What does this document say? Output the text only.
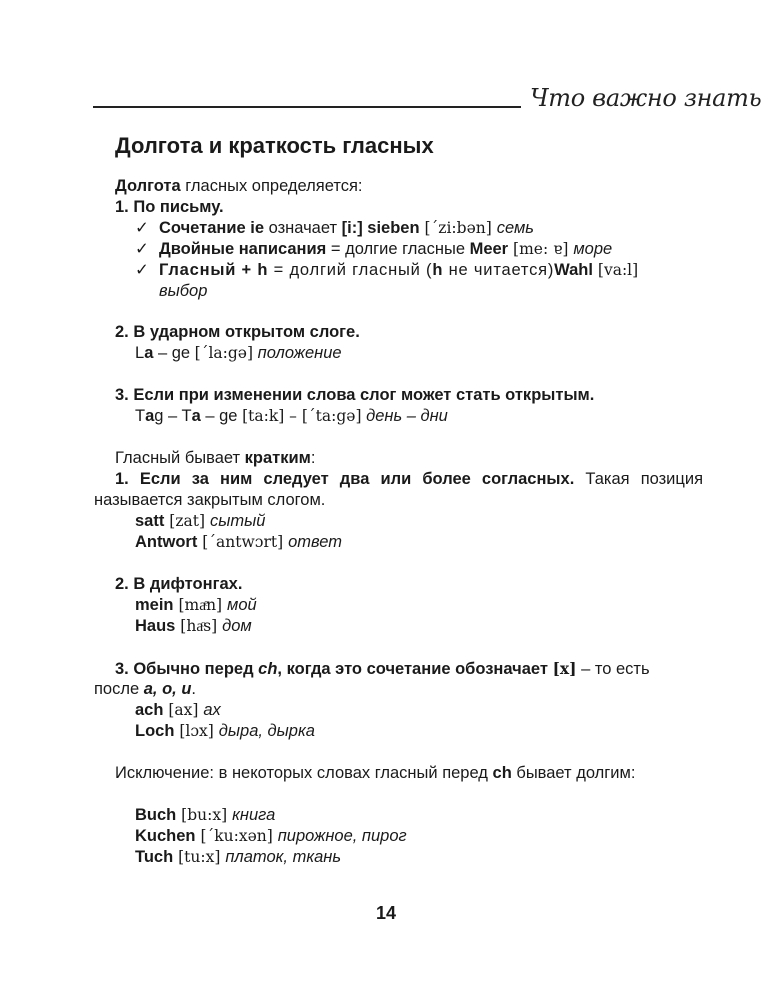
Что важно знать
Долгота и краткость гласных
Долгота гласных определяется:
1. По письму.
✓ Сочетание ie означает [i:] sieben [ˊzi:bən] семь
✓ Двойные написания = долгие гласные Meer [me: ɐ] море
✓ Гласный + h = долгий гласный (h не читается)Wahl [va:l]
выбор
2. В ударном открытом слоге.
La – ge [ˊla:gə] положение
3. Если при изменении слова слог может стать открытым.
Tag – Ta – ge [ta:k] – [ˊta:gə] день – дни
Гласный бывает кратким:
1. Если за ним следует два или более согласных. Такая позиция называется закрытым слогом.
satt [zat] сытый
Antwort [ˊantwɔrt] ответ
2. В дифтонгах.
mein [maͤn] мой
Haus [haͦs] дом
3. Обычно перед ch, когда это сочетание обозначает [x] – то есть
после a, o, u.
ach [ax] ах
Loch [lɔx] дыра, дырка
Исключение: в некоторых словах гласный перед ch бывает долгим:
Buch [bu:x] книга
Kuchen [ˊku:xən] пирожное, пирог
Tuch [tu:x] платок, ткань
14
